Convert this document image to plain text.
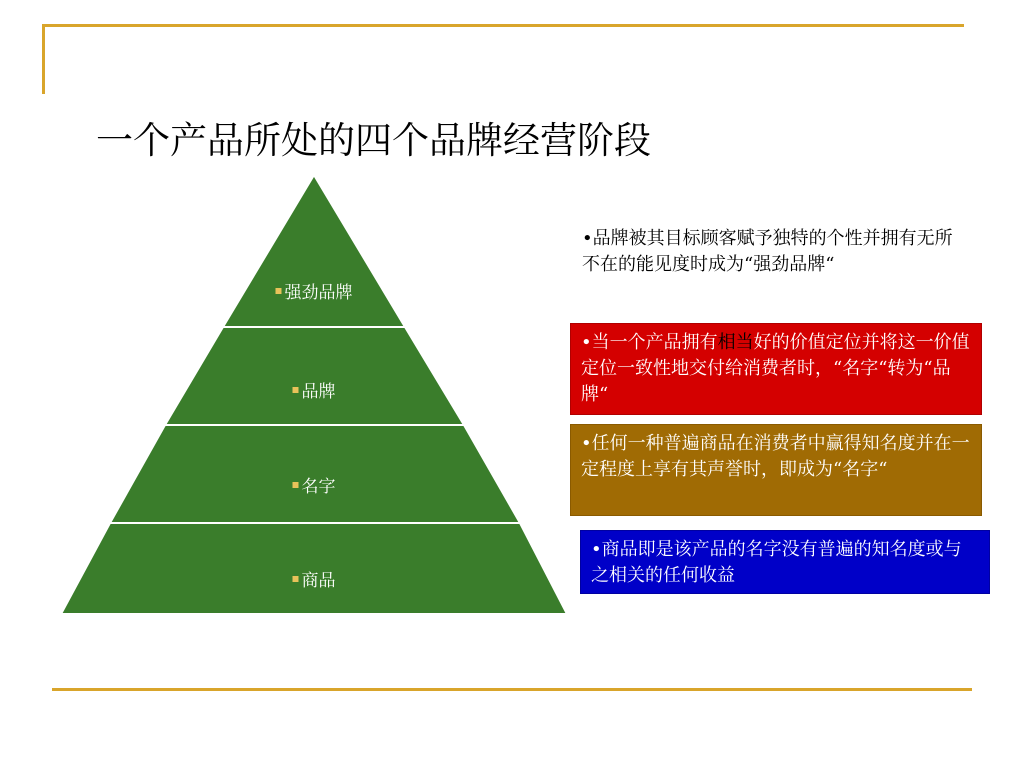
一个产品所处的四个品牌经营阶段
强劲品牌
品牌
名字
商品
•品牌被其目标顾客赋予独特的个性并拥有无所不在的能见度时成为“强劲品牌“
•当一个产品拥有相当好的价值定位并将这一价值定位一致性地交付给消费者时，“名字“转为“品牌“
•任何一种普遍商品在消费者中赢得知名度并在一定程度上享有其声誉时，即成为“名字“
•商品即是该产品的名字没有普遍的知名度或与之相关的任何收益
